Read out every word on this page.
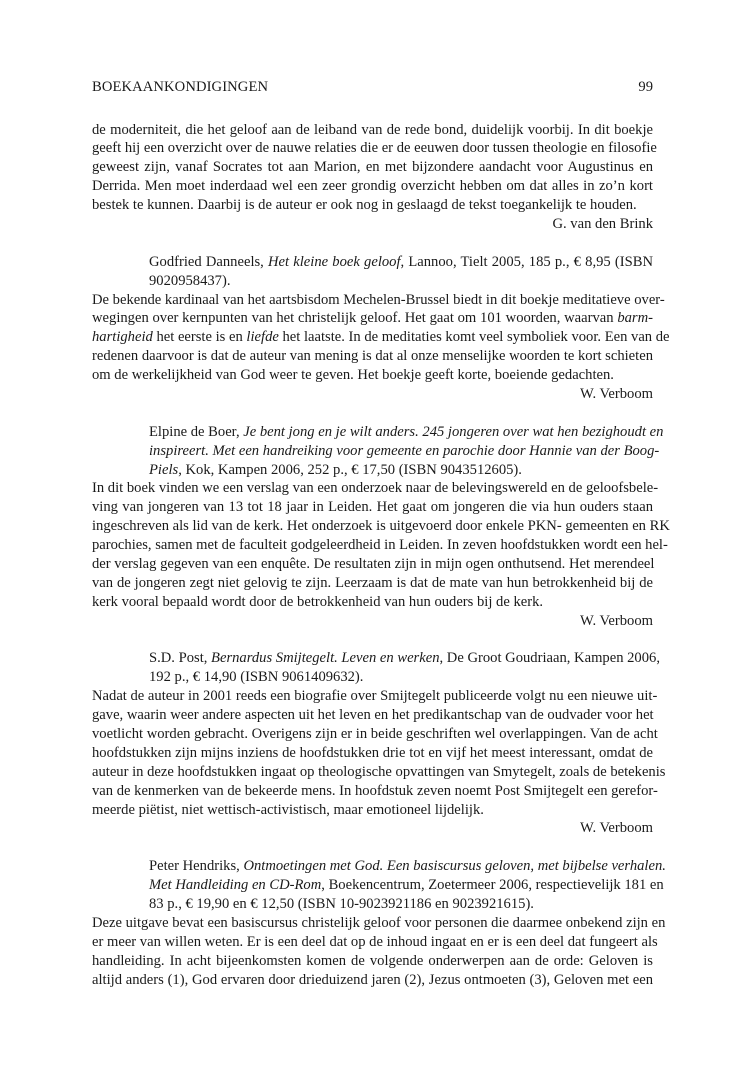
BOEKAANKONDIGINGEN	99
de moderniteit, die het geloof aan de leiband van de rede bond, duidelijk voorbij. In dit boekje
geeft hij een overzicht over de nauwe relaties die er de eeuwen door tussen theologie en filosofie
geweest zijn, vanaf Socrates tot aan Marion, en met bijzondere aandacht voor Augustinus en
Derrida. Men moet inderdaad wel een zeer grondig overzicht hebben om dat alles in zo’n kort
bestek te kunnen. Daarbij is de auteur er ook nog in geslaagd de tekst toegankelijk te houden.
G. van den Brink
Godfried Danneels, Het kleine boek geloof, Lannoo, Tielt 2005, 185 p., € 8,95 (ISBN
9020958437).
De bekende kardinaal van het aartsbisdom Mechelen-Brussel biedt in dit boekje meditatieve over-
wegingen over kernpunten van het christelijk geloof. Het gaat om 101 woorden, waarvan barm-
hartigheid het eerste is en liefde het laatste. In de meditaties komt veel symboliek voor. Een van de
redenen daarvoor is dat de auteur van mening is dat al onze menselijke woorden te kort schieten
om de werkelijkheid van God weer te geven. Het boekje geeft korte, boeiende gedachten.
W. Verboom
Elpine de Boer, Je bent jong en je wilt anders. 245 jongeren over wat hen bezighoudt en
inspireert. Met een handreiking voor gemeente en parochie door Hannie van der Boog-
Piels, Kok, Kampen 2006, 252 p., € 17,50 (ISBN 9043512605).
In dit boek vinden we een verslag van een onderzoek naar de belevingswereld en de geloofsbele-
ving van jongeren van 13 tot 18 jaar in Leiden. Het gaat om jongeren die via hun ouders staan
ingeschreven als lid van de kerk. Het onderzoek is uitgevoerd door enkele PKN- gemeenten en RK
parochies, samen met de faculteit godgeleerdheid in Leiden. In zeven hoofdstukken wordt een hel-
der verslag gegeven van een enquête. De resultaten zijn in mijn ogen onthutsend. Het merendeel
van de jongeren zegt niet gelovig te zijn. Leerzaam is dat de mate van hun betrokkenheid bij de
kerk vooral bepaald wordt door de betrokkenheid van hun ouders bij de kerk.
W. Verboom
S.D. Post, Bernardus Smijtegelt. Leven en werken, De Groot Goudriaan, Kampen 2006,
192 p., € 14,90 (ISBN 9061409632).
Nadat de auteur in 2001 reeds een biografie over Smijtegelt publiceerde volgt nu een nieuwe uit-
gave, waarin weer andere aspecten uit het leven en het predikantschap van de oudvader voor het
voetlicht worden gebracht. Overigens zijn er in beide geschriften wel overlappingen. Van de acht
hoofdstukken zijn mijns inziens de hoofdstukken drie tot en vijf het meest interessant, omdat de
auteur in deze hoofdstukken ingaat op theologische opvattingen van Smytegelt, zoals de betekenis
van de kenmerken van de bekeerde mens. In hoofdstuk zeven noemt Post Smijtegelt een gerefor-
meerde piëtist, niet wettisch-activistisch, maar emotioneel lijdelijk.
W. Verboom
Peter Hendriks, Ontmoetingen met God. Een basiscursus geloven, met bijbelse verhalen.
Met Handleiding en CD-Rom, Boekencentrum, Zoetermeer 2006, respectievelijk 181 en
83 p., € 19,90 en € 12,50 (ISBN 10-9023921186 en 9023921615).
Deze uitgave bevat een basiscursus christelijk geloof voor personen die daarmee onbekend zijn en
er meer van willen weten. Er is een deel dat op de inhoud ingaat en er is een deel dat fungeert als
handleiding. In acht bijeenkomsten komen de volgende onderwerpen aan de orde: Geloven is
altijd anders (1), God ervaren door drieduizend jaren (2), Jezus ontmoeten (3), Geloven met een
